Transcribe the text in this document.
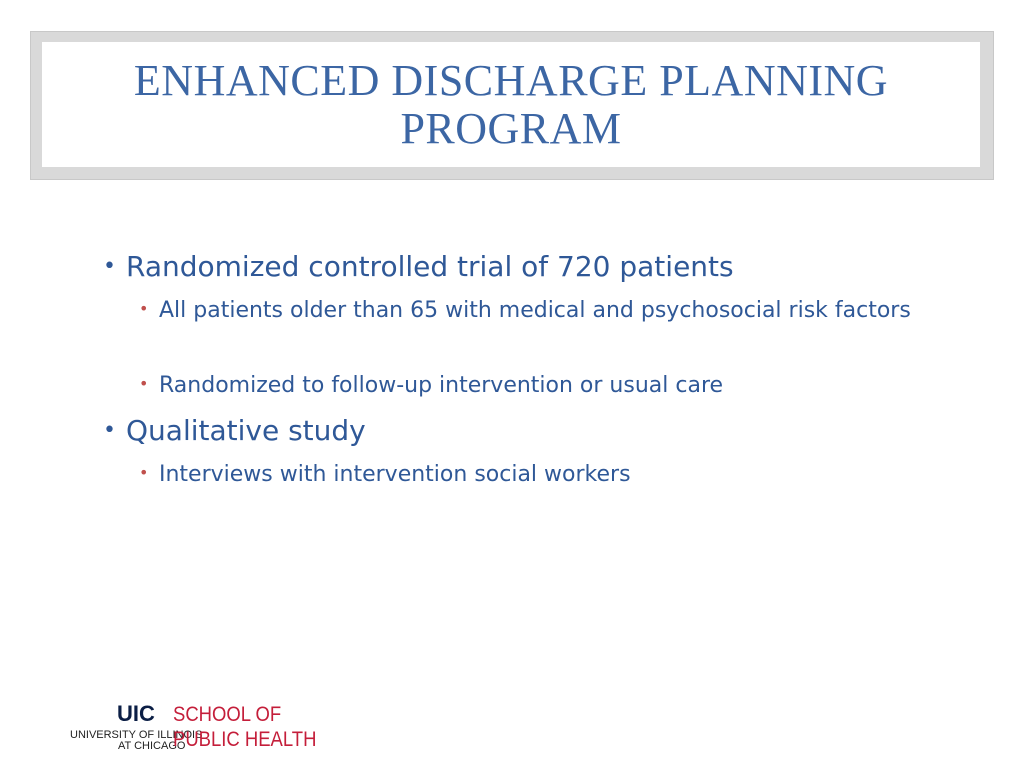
ENHANCED DISCHARGE PLANNING
PROGRAM
• Randomized controlled trial of 720 patients
• All patients older than 65 with medical and psychosocial risk factors
• Randomized to follow-up intervention or usual care
• Qualitative study
• Interviews with intervention social workers
UIC SCHOOL OF
UNIVERSITY OF ILLINOIS
AT CHICAGO
PUBLIC HEALTH
